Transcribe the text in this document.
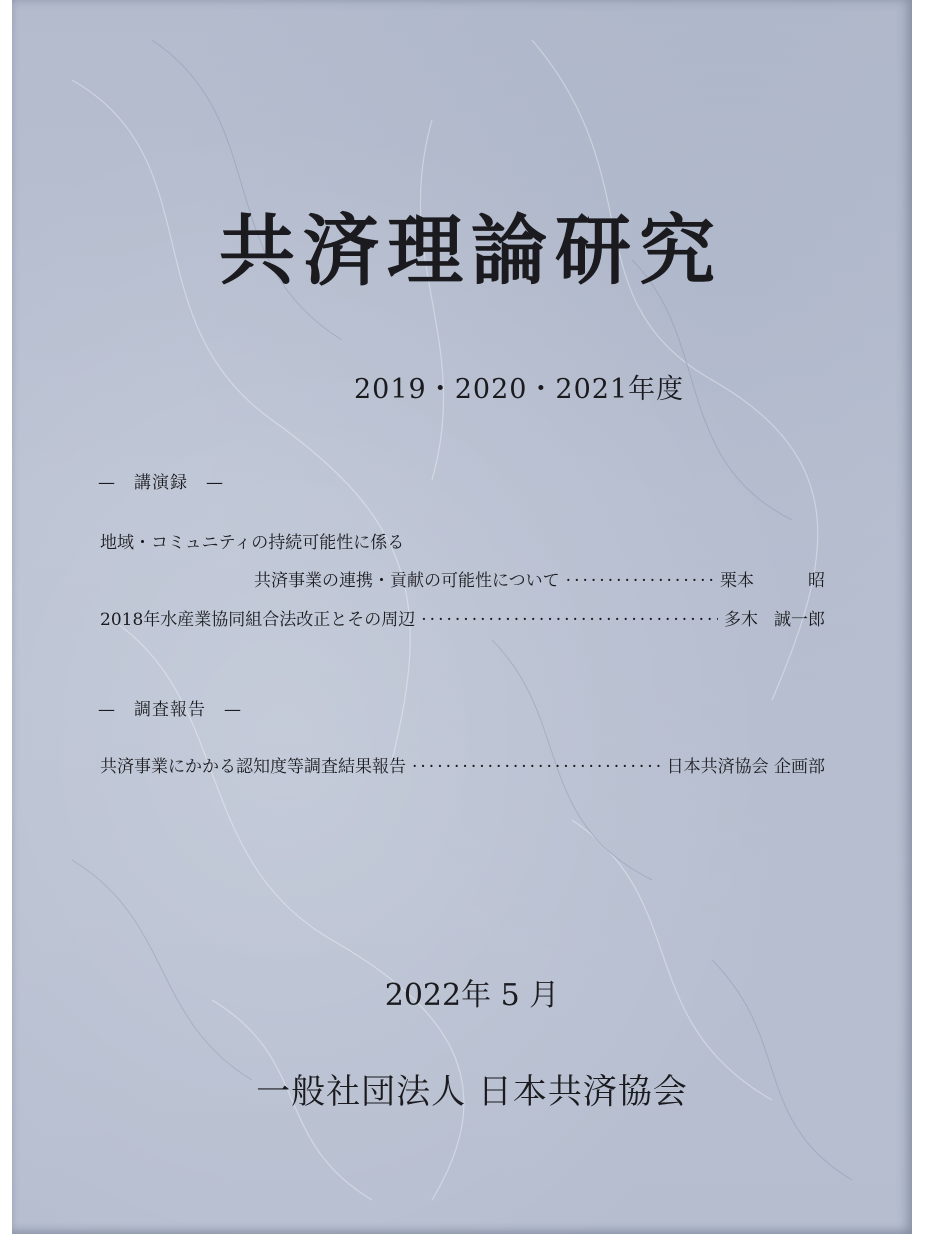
共済理論研究
2019・2020・2021年度
— 講演録 —
地域・コミュニティの持続可能性に係る
共済事業の連携・貢献の可能性について ·····	栗本	昭
2018年水産業協同組合法改正とその周辺 ·····	多木 誠一郎
— 調査報告 —
共済事業にかかる認知度等調査結果報告 ·····	日本共済協会 企画部
2022年 5 月
一般社団法人 日本共済協会
